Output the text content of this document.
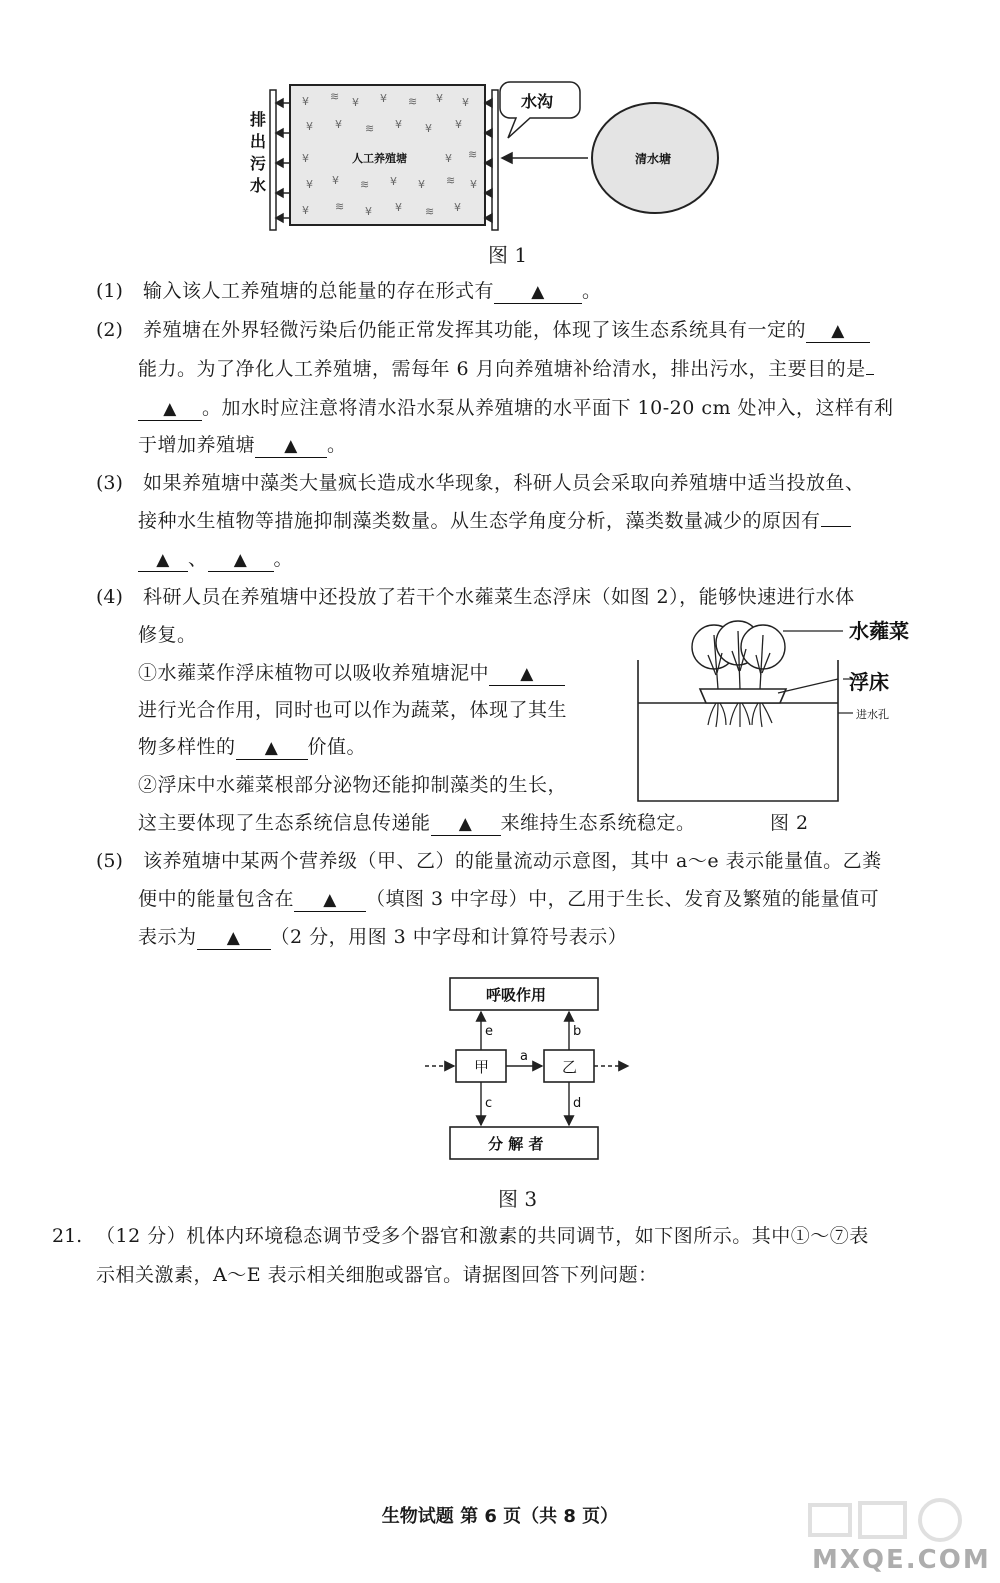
¥ ≋ ¥ ¥ ≋ ¥ ¥
¥ ¥ ≋ ¥ ¥ ¥
¥	¥ ≋
¥ ¥ ≋ ¥ ¥ ≋ ¥
¥ ≋ ¥ ¥ ≋ ¥
人工养殖塘
排
出
污
水
水沟
清水塘
图 1
(1) 输入该人工养殖塘的总能量的存在形式有 ▲ 。
(2) 养殖塘在外界轻微污染后仍能正常发挥其功能，体现了该生态系统具有一定的 ▲
能力。为了净化人工养殖塘，需每年 6 月向养殖塘补给清水，排出污水，主要目的是
▲ 。加水时应注意将清水沿水泵从养殖塘的水平面下 10-20 cm 处冲入，这样有利
于增加养殖塘 ▲ 。
(3) 如果养殖塘中藻类大量疯长造成水华现象，科研人员会采取向养殖塘中适当投放鱼、
接种水生植物等措施抑制藻类数量。从生态学角度分析，藻类数量减少的原因有
▲ 、 ▲ 。
(4) 科研人员在养殖塘中还投放了若干个水蕹菜生态浮床（如图 2），能够快速进行水体
修复。
①水蕹菜作浮床植物可以吸收养殖塘泥中 ▲
进行光合作用，同时也可以作为蔬菜，体现了其生
物多样性的 ▲ 价值。
②浮床中水蕹菜根部分泌物还能抑制藻类的生长，
这主要体现了生态系统信息传递能 ▲ 来维持生态系统稳定。	图 2
水蕹菜
浮床
进水孔
(5) 该养殖塘中某两个营养级（甲、乙）的能量流动示意图，其中 a～e 表示能量值。乙粪
便中的能量包含在 ▲ （填图 3 中字母）中，乙用于生长、发育及繁殖的能量值可
表示为 ▲ （2 分，用图 3 中字母和计算符号表示）
呼吸作用
甲	乙
分 解 者
a
e	b
c	d
图 3
21. （12 分）机体内环境稳态调节受多个器官和激素的共同调节，如下图所示。其中①～⑦表
示相关激素，A～E 表示相关细胞或器官。请据图回答下列问题：
生物试题 第 6 页（共 8 页）
MXQE.COM
